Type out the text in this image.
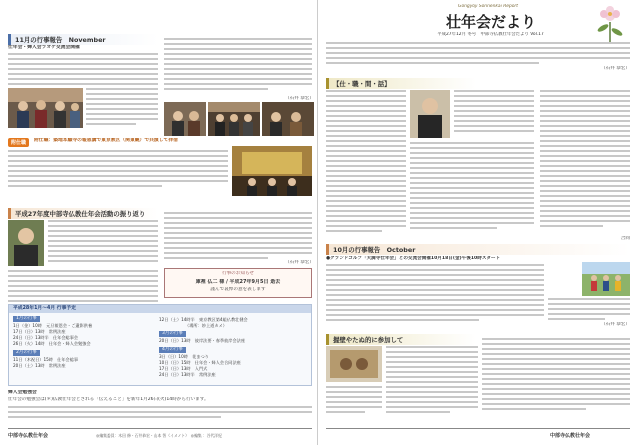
11月の行事報告　November
仕年会・婦人会ラオケ交流会開催
（石井 恭宏）
附仕職	附仕職：築地本願寺の報恩講で東京教区（関東観）で共演して拝借
平成27年度中部寺仏教仕年会活動の振り返り
（石井 恭宏）
行事のお知らせ
庫裡 仏二 様 / 平成27年9月5日 逝去
謹んで哀悼の意を表します
平成28年1月〜4月 行事予定
1月の行事
1日（金）10時　元旦報恩会・ご遺影供養
17日（日）13時　常例法座
24日（日）13時半　仕年会総事会
26日（火）14時　仕年会・婦人会勉強会
2月の行事
11日（木祝日）15時　仕年会総事
20日（土）13時　常例法座
12日（土）14時半　東京教区第4組仏教壮健会
（場所：妙上道カメ）
3月の行事
20日（日）13時　彼岸法要・春季彼岸会法座
4月の行事
3日（日）10時　花まつり
10日（日）15時　仕年会・婦人会合同法座
17日（日）13時　入門式
24日（日）13時半　常例法座
婦人会勉強会
仕年会の勉強会は(＊)仏教仕年会とされる「伝えること」を新年1月26日(火)14時から行います。
中部寺仏教仕年会	◎編集委員：木田 修・石井恭宏・山本 智（イメノト）　◎編集 ：谷代洋紀
Gongyoji Sonnenkai Report
壮年会だより
平成27年12月 冬号　中部寺仏教壮年会だより Vol.17
（石井 恭宏）
【仕・職・間・話】
合同
10月の行事報告　October
●グランドゴルフ「天満寺仕年会」との交流会開催10月18日(金)午後10時スタート
（石井 恭宏）
握壁やたぬ的に参加して
中部寺仏教壮年会
